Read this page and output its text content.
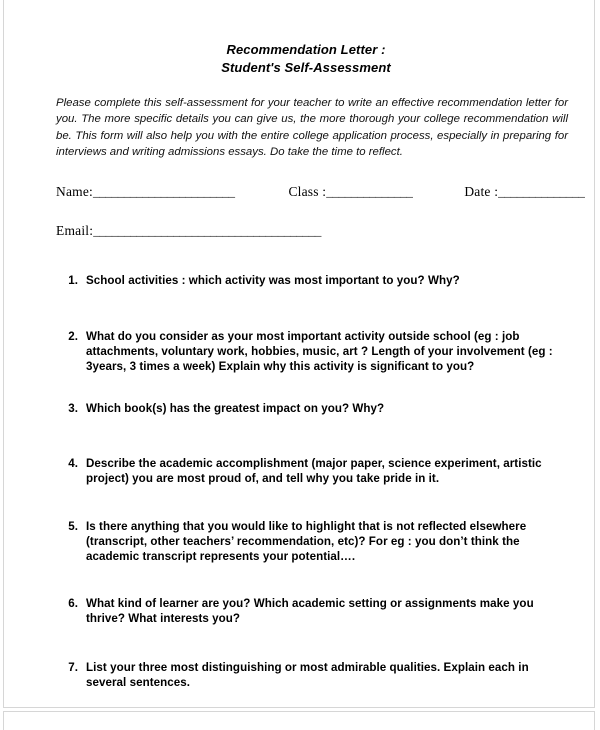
Recommendation Letter :
Student's Self-Assessment

Please complete this self-assessment for your teacher to write an effective recommendation letter for you. The more specific details you can give us, the more thorough your college recommendation will be. This form will also help you with the entire college application process, especially in preparing for interviews and writing admissions essays. Do take the time to reflect.

Name:_______________________	Class :______________	Date :______________
Email:_____________________________________
1. School activities : which activity was most important to you? Why?
2. What do you consider as your most important activity outside school (eg : job attachments, voluntary work, hobbies, music, art ? Length of your involvement (eg : 3years, 3 times a week) Explain why this activity is significant to you?
3. Which book(s) has the greatest impact on you? Why?
4. Describe the academic accomplishment (major paper, science experiment, artistic project) you are most proud of, and tell why you take pride in it.
5. Is there anything that you would like to highlight that is not reflected elsewhere (transcript, other teachers’ recommendation, etc)? For eg : you don’t think the academic transcript represents your potential….
6. What kind of learner are you? Which academic setting or assignments make you thrive? What interests you?
7. List your three most distinguishing or most admirable qualities. Explain each in several sentences.
